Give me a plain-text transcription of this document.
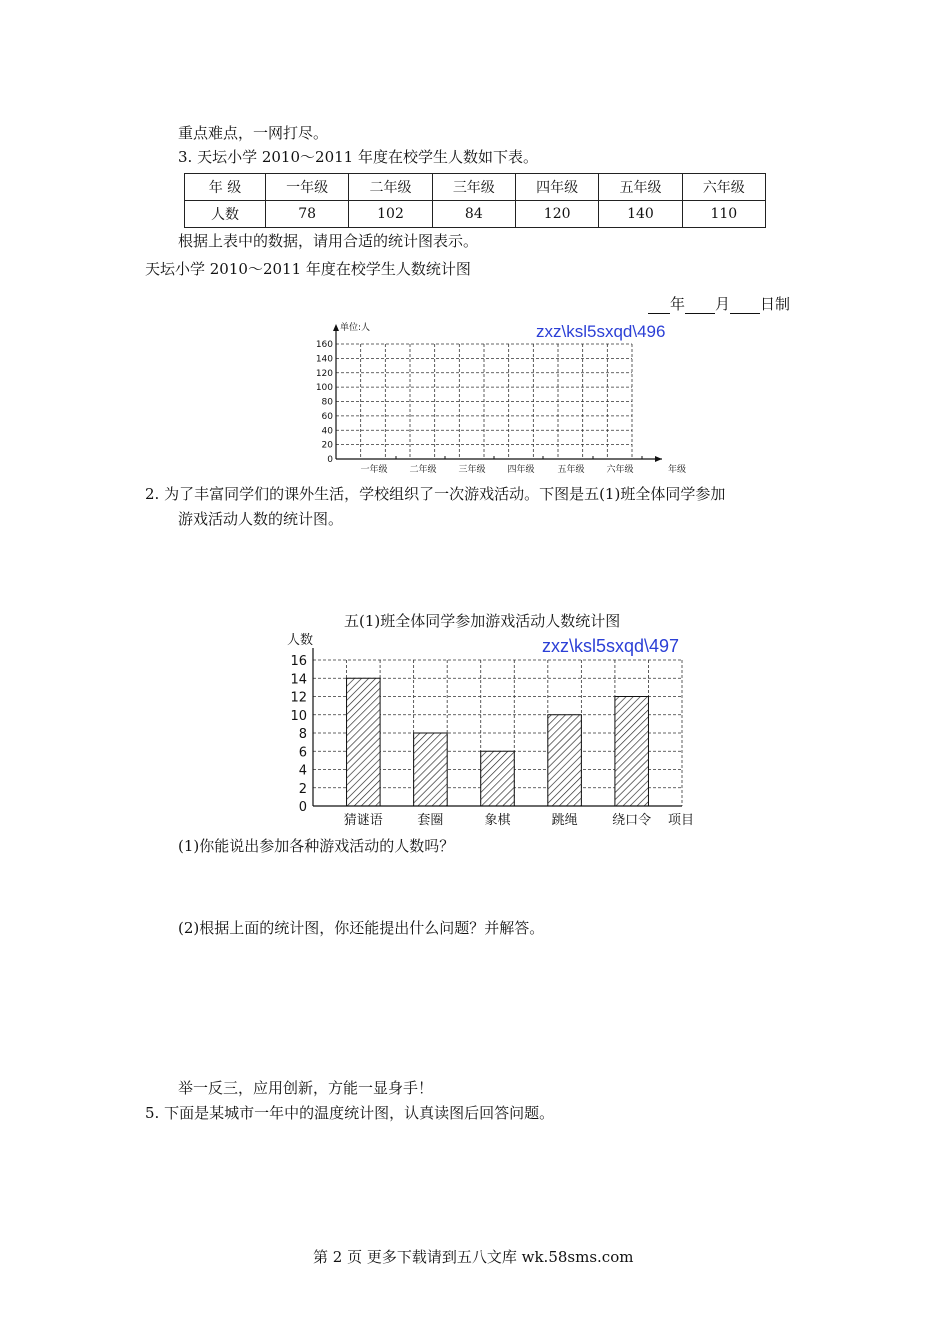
重点难点，一网打尽。
3. 天坛小学 2010～2011 年度在校学生人数如下表。
年 级	一年级	二年级	三年级	四年级	五年级	六年级
人数	78	102	84	120	140	110
根据上表中的数据，请用合适的统计图表示。
天坛小学 2010～2011 年度在校学生人数统计图
年 月 日制
0
20
40
60
80
100
120
140
160
一年级 二年级 三年级 四年级	五年级 六年级	年级
单位:人	zxz\ksl5sxqd\496
2. 为了丰富同学们的课外生活，学校组织了一次游戏活动。下图是五(1)班全体同学参加
游戏活动人数的统计图。
五(1)班全体同学参加游戏活动人数统计图
0
2
4
6
8
10
12
14
16
猜谜语	套圈	象棋	跳绳	绕口令
人数
项目
zxz\ksl5sxqd\497
(1)你能说出参加各种游戏活动的人数吗？
(2)根据上面的统计图，你还能提出什么问题？并解答。
举一反三，应用创新，方能一显身手！
5. 下面是某城市一年中的温度统计图，认真读图后回答问题。
第 2 页 更多下载请到五八文库 wk.58sms.com
